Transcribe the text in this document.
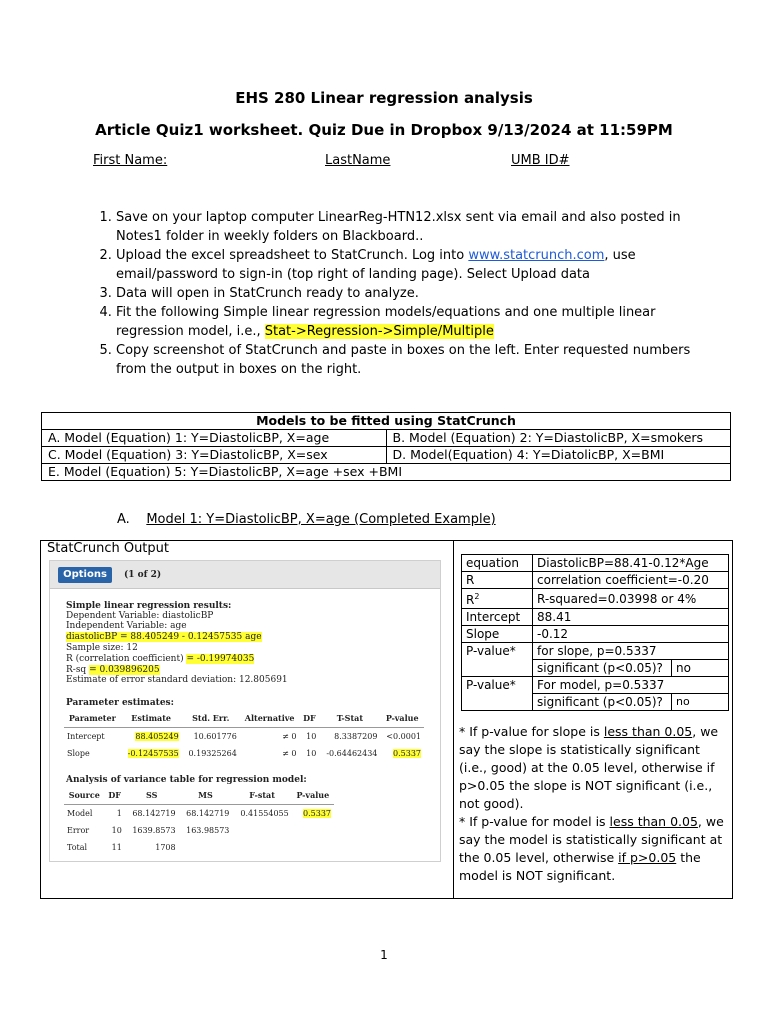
EHS 280 Linear regression analysis
Article Quiz1 worksheet. Quiz Due in Dropbox 9/13/2024 at 11:59PM
First Name:	LastName	UMB ID#
1. Save on your laptop computer LinearReg-HTN12.xlsx sent via email and also posted in Notes1 folder in weekly folders on Blackboard..
2. Upload the excel spreadsheet to StatCrunch. Log into www.statcrunch.com, use email/password to sign-in (top right of landing page). Select Upload data
3. Data will open in StatCrunch ready to analyze.
4. Fit the following Simple linear regression models/equations and one multiple linear regression model, i.e., Stat->Regression->Simple/Multiple
5. Copy screenshot of StatCrunch and paste in boxes on the left. Enter requested numbers from the output in boxes on the right.
Models to be fitted using StatCrunch	
A. Model (Equation) 1: Y=DiastolicBP, X=age	B. Model (Equation) 2: Y=DiastolicBP, X=smokers
C. Model (Equation) 3: Y=DiastolicBP, X=sex	D. Model(Equation) 4: Y=DiatolicBP, X=BMI
E. Model (Equation) 5: Y=DiastolicBP, X=age +sex +BMI	
A. Model 1: Y=DiastolicBP, X=age (Completed Example)
StatCrunch Output
Options	(1 of 2)
Simple linear regression results:
Dependent Variable: diastolicBP
Independent Variable: age
diastolicBP = 88.405249 - 0.12457535 age
Sample size: 12
R (correlation coefficient) = -0.19974035
R-sq = 0.039896205
Estimate of error standard deviation: 12.805691
Parameter estimates:
Parameter	Estimate	Std. Err.	Alternative	DF	T-Stat	P-value
Intercept	88.405249	10.601776	≠ 0	10	8.3387209	<0.0001
Slope	-0.12457535	0.19325264	≠ 0	10	-0.64462434	0.5337
Analysis of variance table for regression model:
Source	DF	SS	MS	F-stat	P-value
Model	1	68.142719	68.142719	0.41554055	0.5337
Error	10	1639.8573	163.98573		
Total	11	1708			
equation	DiastolicBP=88.41-0.12*Age	
R	correlation coefficient=-0.20	
$R^2$	R-squared=0.03998 or 4%	
Intercept	88.41	
Slope	-0.12	
P-value*	for slope, p=0.5337	
	significant (p<0.05)?	no
P-value*	For model, p=0.5337	
	significant (p<0.05)?	no
* If p-value for slope is less than 0.05, we say the slope is statistically significant (i.e., good) at the 0.05 level, otherwise if p>0.05 the slope is NOT significant (i.e., not good).
* If p-value for model is less than 0.05, we say the model is statistically significant at the 0.05 level, otherwise if p>0.05 the model is NOT significant.
1
